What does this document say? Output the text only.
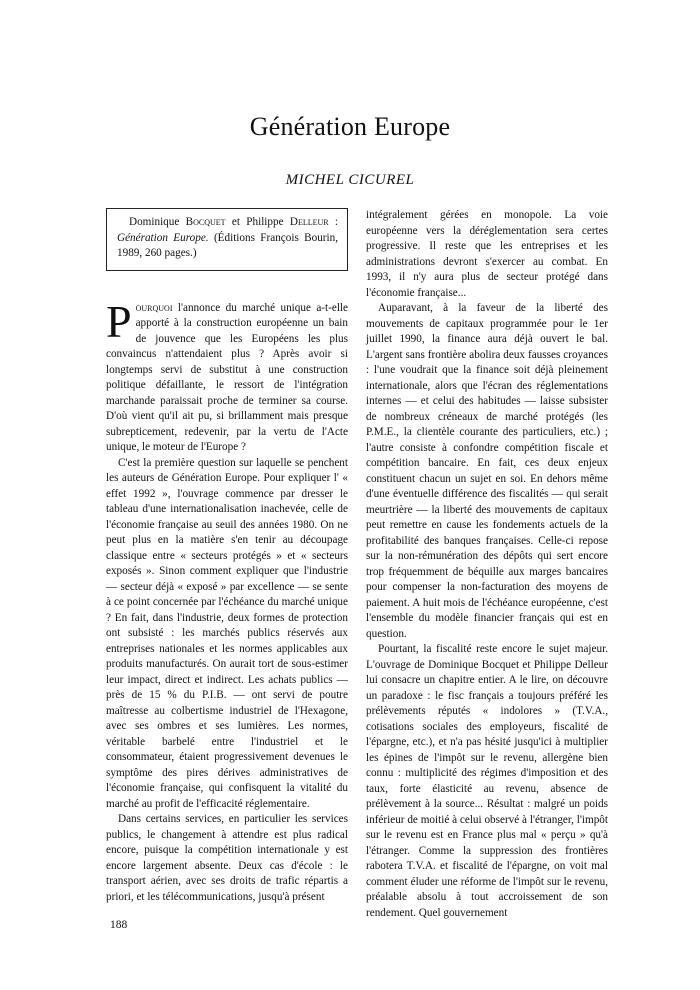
Génération Europe
MICHEL CICUREL

Dominique Bocquet et Philippe Delleur : Génération Europe. (Éditions François Bourin, 1989, 260 pages.)

Pourquoi l'annonce du marché unique a-t-elle apporté à la construction européenne un bain de jouvence que les Européens les plus convaincus n'attendaient plus ? Après avoir si longtemps servi de substitut à une construction politique défaillante, le ressort de l'intégration marchande paraissait proche de terminer sa course. D'où vient qu'il ait pu, si brillamment mais presque subrepticement, redevenir, par la vertu de l'Acte unique, le moteur de l'Europe ?

C'est la première question sur laquelle se penchent les auteurs de Génération Europe. Pour expliquer l' « effet 1992 », l'ouvrage commence par dresser le tableau d'une internationalisation inachevée, celle de l'économie française au seuil des années 1980. On ne peut plus en la matière s'en tenir au découpage classique entre « secteurs protégés » et « secteurs exposés ». Sinon comment expliquer que l'industrie — secteur déjà « exposé » par excellence — se sente à ce point concernée par l'échéance du marché unique ? En fait, dans l'industrie, deux formes de protection ont subsisté : les marchés publics réservés aux entreprises nationales et les normes applicables aux produits manufacturés. On aurait tort de sous-estimer leur impact, direct et indirect. Les achats publics — près de 15 % du P.I.B. — ont servi de poutre maîtresse au colbertisme industriel de l'Hexagone, avec ses ombres et ses lumières. Les normes, véritable barbelé entre l'industriel et le consommateur, étaient progressivement devenues le symptôme des pires dérives administratives de l'économie française, qui confisquent la vitalité du marché au profit de l'efficacité réglementaire.

Dans certains services, en particulier les services publics, le changement à attendre est plus radical encore, puisque la compétition internationale y est encore largement absente. Deux cas d'école : le transport aérien, avec ses droits de trafic répartis a priori, et les télécommunications, jusqu'à présent

intégralement gérées en monopole. La voie européenne vers la déréglementation sera certes progressive. Il reste que les entreprises et les administrations devront s'exercer au combat. En 1993, il n'y aura plus de secteur protégé dans l'économie française...

Auparavant, à la faveur de la liberté des mouvements de capitaux programmée pour le 1er juillet 1990, la finance aura déjà ouvert le bal. L'argent sans frontière abolira deux fausses croyances : l'une voudrait que la finance soit déjà pleinement internationale, alors que l'écran des réglementations internes — et celui des habitudes — laisse subsister de nombreux créneaux de marché protégés (les P.M.E., la clientèle courante des particuliers, etc.) ; l'autre consiste à confondre compétition fiscale et compétition bancaire. En fait, ces deux enjeux constituent chacun un sujet en soi. En dehors même d'une éventuelle différence des fiscalités — qui serait meurtrière — la liberté des mouvements de capitaux peut remettre en cause les fondements actuels de la profitabilité des banques françaises. Celle-ci repose sur la non-rémunération des dépôts qui sert encore trop fréquemment de béquille aux marges bancaires pour compenser la non-facturation des moyens de paiement. A huit mois de l'échéance européenne, c'est l'ensemble du modèle financier français qui est en question.

Pourtant, la fiscalité reste encore le sujet majeur. L'ouvrage de Dominique Bocquet et Philippe Delleur lui consacre un chapitre entier. A le lire, on découvre un paradoxe : le fisc français a toujours préféré les prélèvements réputés « indolores » (T.V.A., cotisations sociales des employeurs, fiscalité de l'épargne, etc.), et n'a pas hésité jusqu'ici à multiplier les épines de l'impôt sur le revenu, allergène bien connu : multiplicité des régimes d'imposition et des taux, forte élasticité au revenu, absence de prélèvement à la source... Résultat : malgré un poids inférieur de moitié à celui observé à l'étranger, l'impôt sur le revenu est en France plus mal « perçu » qu'à l'étranger. Comme la suppression des frontières rabotera T.V.A. et fiscalité de l'épargne, on voit mal comment éluder une réforme de l'impôt sur le revenu, préalable absolu à tout accroissement de son rendement. Quel gouvernement

188
